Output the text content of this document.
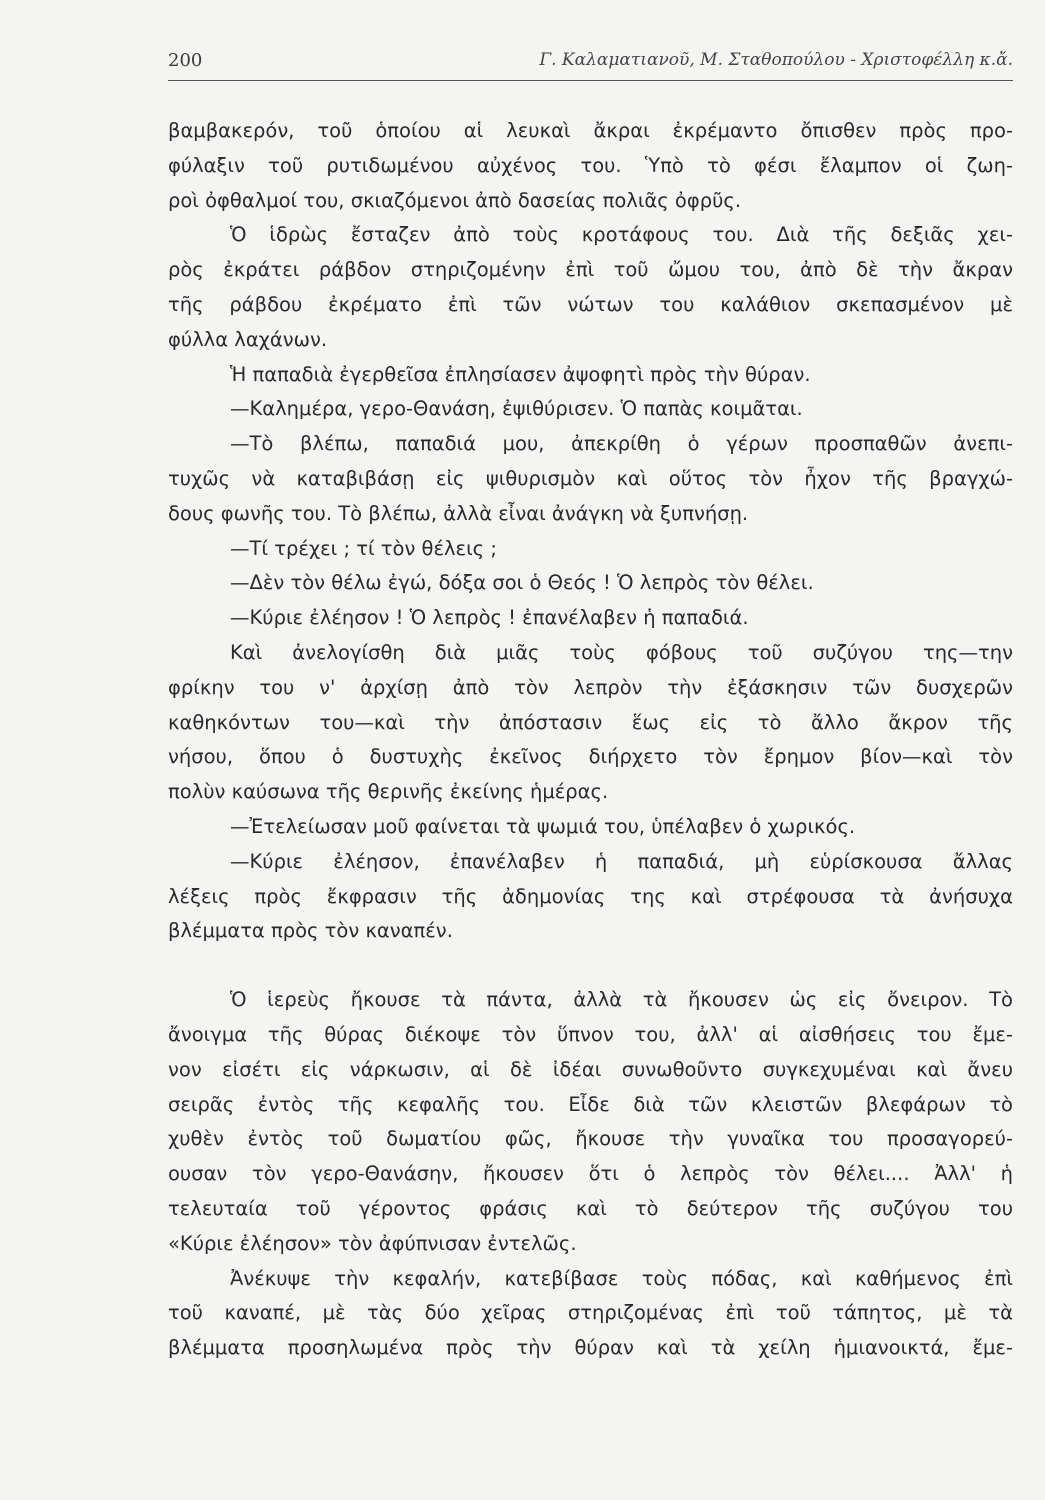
200	Γ. Καλαματιανοῦ, Μ. Σταθοπούλου - Χριστοφέλλη κ.ἄ.
βαμβακερόν, τοῦ ὁποίου αἱ λευκαὶ ἄκραι ἐκρέμαντο ὄπισθεν πρὸς προ-
φύλαξιν τοῦ ρυτιδωμένου αὐχένος του. Ὑπὸ τὸ φέσι ἔλαμπον οἱ ζωη-
ροὶ ὀφθαλμοί του, σκιαζόμενοι ἀπὸ δασείας πολιᾶς ὀφρῦς.
Ὁ ἱδρὼς ἔσταζεν ἀπὸ τοὺς κροτάφους του. Διὰ τῆς δεξιᾶς χει-
ρὸς ἐκράτει ράβδον στηριζομένην ἐπὶ τοῦ ὤμου του, ἀπὸ δὲ τὴν ἄκραν
τῆς ράβδου ἐκρέματο ἐπὶ τῶν νώτων του καλάθιον σκεπασμένον μὲ
φύλλα λαχάνων.
Ἡ παπαδιὰ ἐγερθεῖσα ἐπλησίασεν ἀψοφητὶ πρὸς τὴν θύραν.
—Καλημέρα, γερο-Θανάση, ἐψιθύρισεν. Ὁ παπὰς κοιμᾶται.
—Τὸ βλέπω, παπαδιά μου, ἀπεκρίθη ὁ γέρων προσπαθῶν ἀνεπι-
τυχῶς νὰ καταβιβάσῃ εἰς ψιθυρισμὸν καὶ οὕτος τὸν ἦχον τῆς βραγχώ-
δους φωνῆς του. Τὸ βλέπω, ἀλλὰ εἶναι ἀνάγκη νὰ ξυπνήσῃ.
—Τί τρέχει ; τί τὸν θέλεις ;
—Δὲν τὸν θέλω ἐγώ, δόξα σοι ὁ Θεός ! Ὁ λεπρὸς τὸν θέλει.
—Κύριε ἐλέησον ! Ὁ λεπρὸς ! ἐπανέλαβεν ἡ παπαδιά.
Καὶ ἀνελογίσθη διὰ μιᾶς τοὺς φόβους τοῦ συζύγου της—την
φρίκην του ν' ἀρχίσῃ ἀπὸ τὸν λεπρὸν τὴν ἐξάσκησιν τῶν δυσχερῶν
καθηκόντων του—καὶ τὴν ἀπόστασιν ἕως εἰς τὸ ἄλλο ἄκρον τῆς
νήσου, ὅπου ὁ δυστυχὴς ἐκεῖνος διήρχετο τὸν ἔρημον βίον—καὶ τὸν
πολὺν καύσωνα τῆς θερινῆς ἐκείνης ἡμέρας.
—Ἐτελείωσαν μοῦ φαίνεται τὰ ψωμιά του, ὑπέλαβεν ὁ χωρικός.
—Κύριε ἐλέησον, ἐπανέλαβεν ἡ παπαδιά, μὴ εὑρίσκουσα ἄλλας
λέξεις πρὸς ἔκφρασιν τῆς ἀδημονίας της καὶ στρέφουσα τὰ ἀνήσυχα
βλέμματα πρὸς τὸν καναπέν.
Ὁ ἱερεὺς ἤκουσε τὰ πάντα, ἀλλὰ τὰ ἤκουσεν ὡς εἰς ὄνειρον. Τὸ
ἄνοιγμα τῆς θύρας διέκοψε τὸν ὕπνον του, ἀλλ' αἱ αἰσθήσεις του ἔμε-
νον εἰσέτι εἰς νάρκωσιν, αἱ δὲ ἰδέαι συνωθοῦντο συγκεχυμέναι καὶ ἄνευ
σειρᾶς ἐντὸς τῆς κεφαλῆς του. Εἶδε διὰ τῶν κλειστῶν βλεφάρων τὸ
χυθὲν ἐντὸς τοῦ δωματίου φῶς, ἤκουσε τὴν γυναῖκα του προσαγορεύ-
ουσαν τὸν γερο-Θανάσην, ἤκουσεν ὅτι ὁ λεπρὸς τὸν θέλει.... Ἀλλ' ἡ
τελευταία τοῦ γέροντος φράσις καὶ τὸ δεύτερον τῆς συζύγου του
«Κύριε ἐλέησον» τὸν ἀφύπνισαν ἐντελῶς.
Ἀνέκυψε τὴν κεφαλήν, κατεβίβασε τοὺς πόδας, καὶ καθήμενος ἐπὶ
τοῦ καναπέ, μὲ τὰς δύο χεῖρας στηριζομένας ἐπὶ τοῦ τάπητος, μὲ τὰ
βλέμματα προσηλωμένα πρὸς τὴν θύραν καὶ τὰ χείλη ἡμιανοικτά, ἔμε-
